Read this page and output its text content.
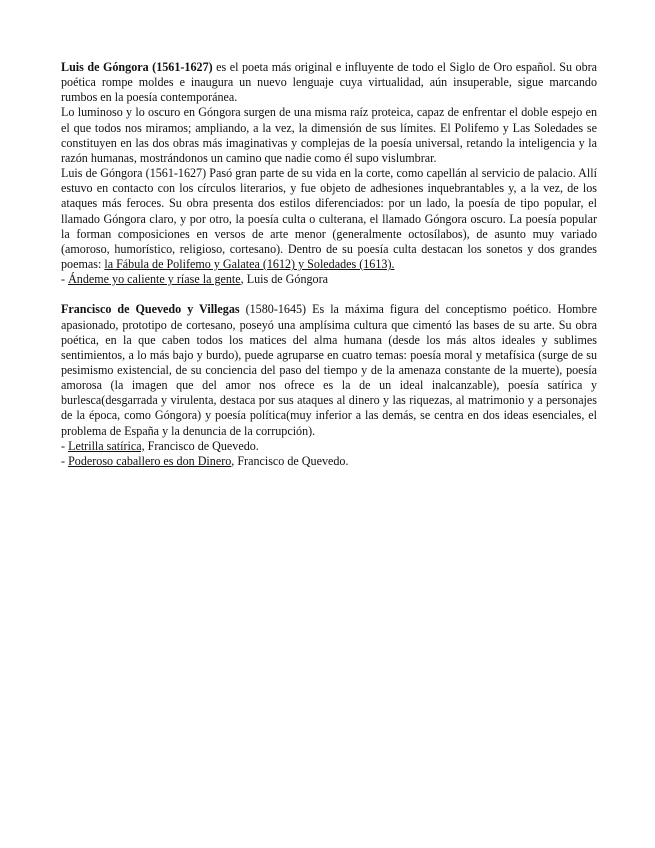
Luis de Góngora (1561-1627) es el poeta más original e influyente de todo el Siglo de Oro español. Su obra poética rompe moldes e inaugura un nuevo lenguaje cuya virtualidad, aún insuperable, sigue marcando rumbos en la poesía contemporánea.

Lo luminoso y lo oscuro en Góngora surgen de una misma raíz proteica, capaz de enfrentar el doble espejo en el que todos nos miramos; ampliando, a la vez, la dimensión de sus límites. El Polifemo y Las Soledades se constituyen en las dos obras más imaginativas y complejas de la poesía universal, retando la inteligencia y la razón humanas, mostrándonos un camino que nadie como él supo vislumbrar.

Luis de Góngora (1561-1627) Pasó gran parte de su vida en la corte, como capellán al servicio de palacio. Allí estuvo en contacto con los círculos literarios, y fue objeto de adhesiones inquebrantables y, a la vez, de los ataques más feroces. Su obra presenta dos estilos diferenciados: por un lado, la poesía de tipo popular, el llamado Góngora claro, y por otro, la poesía culta o culterana, el llamado Góngora oscuro. La poesía popular la forman composiciones en versos de arte menor (generalmente octosílabos), de asunto muy variado (amoroso, humorístico, religioso, cortesano). Dentro de su poesía culta destacan los sonetos y dos grandes poemas: la Fábula de Polifemo y Galatea (1612) y Soledades (1613).

- Ándeme yo caliente y ríase la gente, Luis de Góngora

Francisco de Quevedo y Villegas (1580-1645) Es la máxima figura del conceptismo poético. Hombre apasionado, prototipo de cortesano, poseyó una amplísima cultura que cimentó las bases de su arte. Su obra poética, en la que caben todos los matices del alma humana (desde los más altos ideales y sublimes sentimientos, a lo más bajo y burdo), puede agruparse en cuatro temas: poesía moral y metafísica (surge de su pesimismo existencial, de su conciencia del paso del tiempo y de la amenaza constante de la muerte), poesía amorosa (la imagen que del amor nos ofrece es la de un ideal inalcanzable), poesía satírica y burlesca(desgarrada y virulenta, destaca por sus ataques al dinero y las riquezas, al matrimonio y a personajes de la época, como Góngora) y poesía política(muy inferior a las demás, se centra en dos ideas esenciales, el problema de España y la denuncia de la corrupción).

- Letrilla satírica, Francisco de Quevedo.

- Poderoso caballero es don Dinero, Francisco de Quevedo.
